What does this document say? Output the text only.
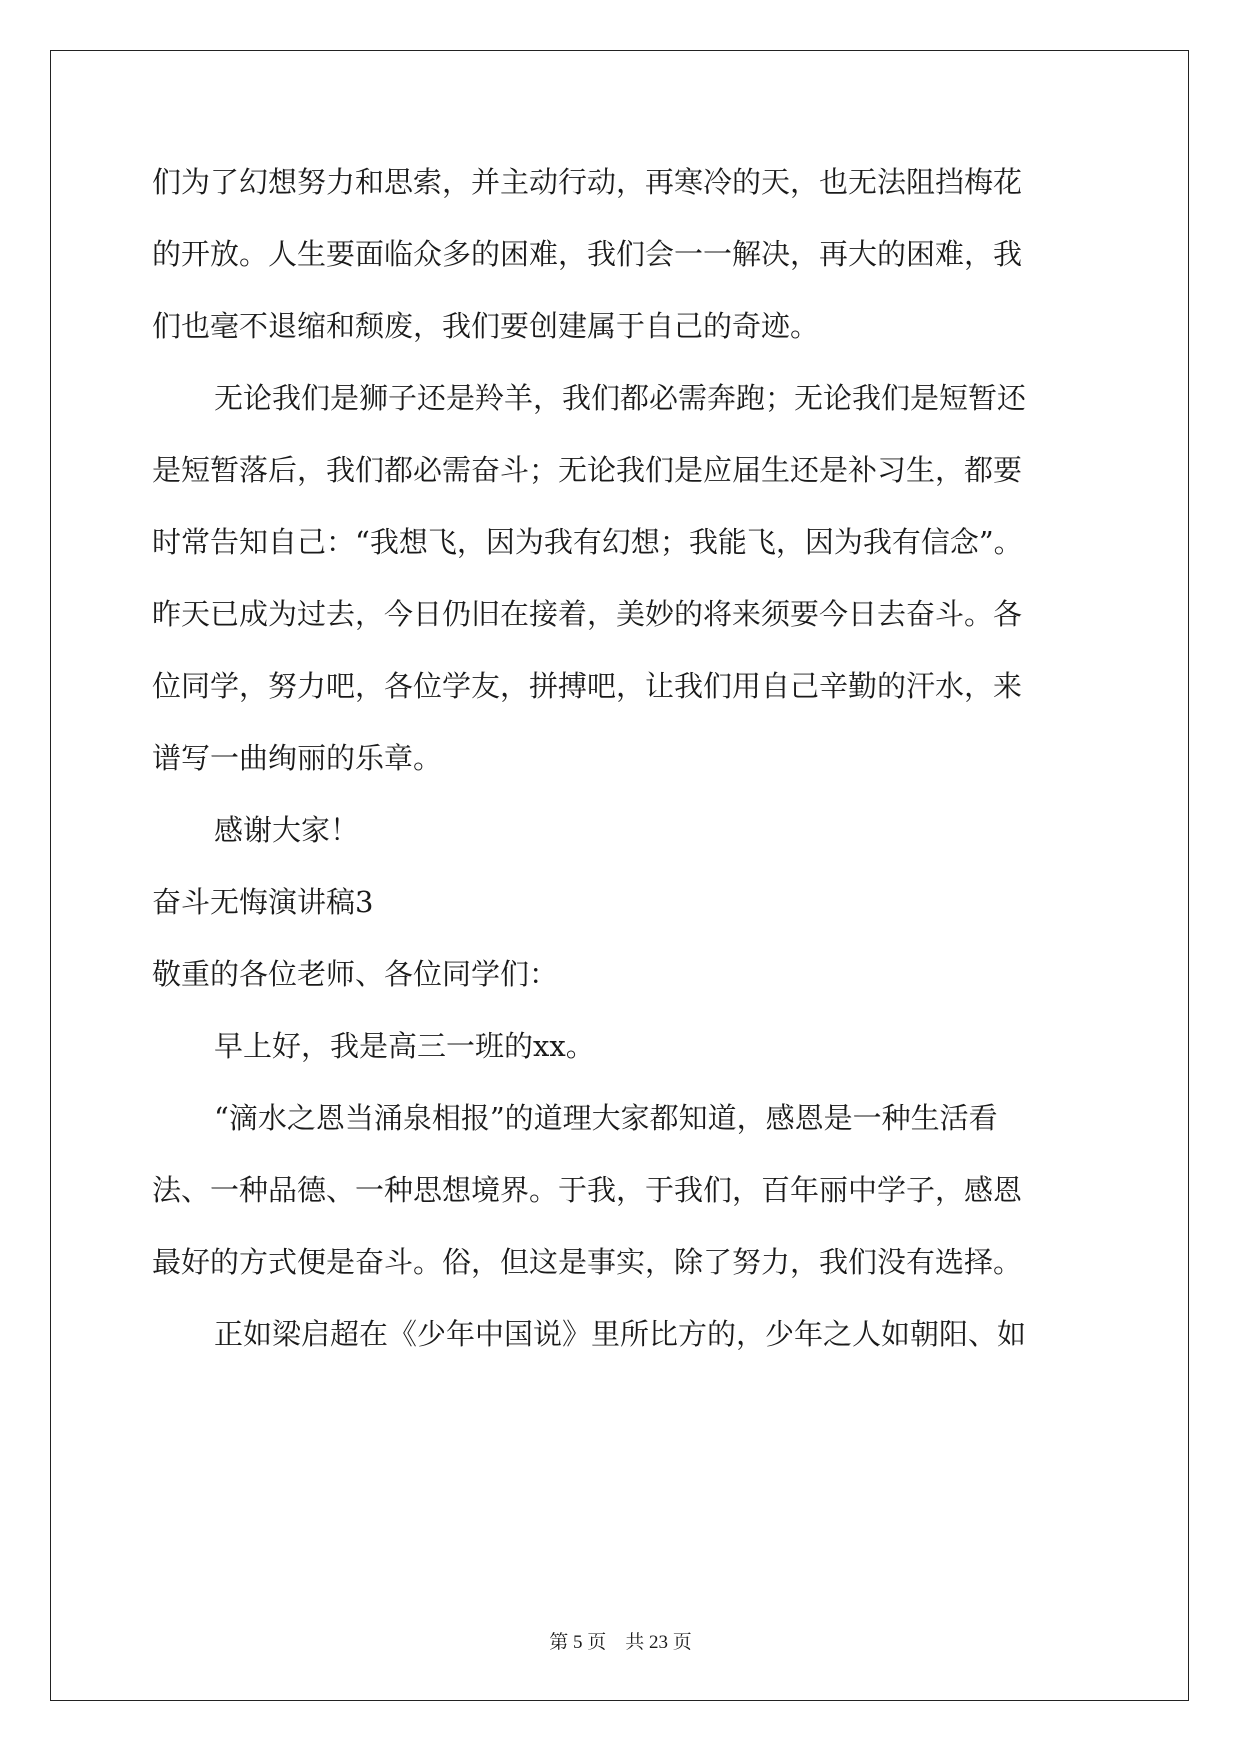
们为了幻想努力和思索，并主动行动，再寒冷的天，也无法阻挡梅花
的开放。人生要面临众多的困难，我们会一一解决，再大的困难，我
们也毫不退缩和颓废，我们要创建属于自己的奇迹。
无论我们是狮子还是羚羊，我们都必需奔跑；无论我们是短暂还
是短暂落后，我们都必需奋斗；无论我们是应届生还是补习生，都要
时常告知自己：“我想飞，因为我有幻想；我能飞，因为我有信念”。
昨天已成为过去，今日仍旧在接着，美妙的将来须要今日去奋斗。各
位同学，努力吧，各位学友，拼搏吧，让我们用自己辛勤的汗水，来
谱写一曲绚丽的乐章。
感谢大家！
奋斗无悔演讲稿3
敬重的各位老师、各位同学们：
早上好，我是高三一班的xx。
“滴水之恩当涌泉相报”的道理大家都知道，感恩是一种生活看
法、一种品德、一种思想境界。于我，于我们，百年丽中学子，感恩
最好的方式便是奋斗。俗，但这是事实，除了努力，我们没有选择。
正如梁启超在《少年中国说》里所比方的，少年之人如朝阳、如
第 5 页　共 23 页
